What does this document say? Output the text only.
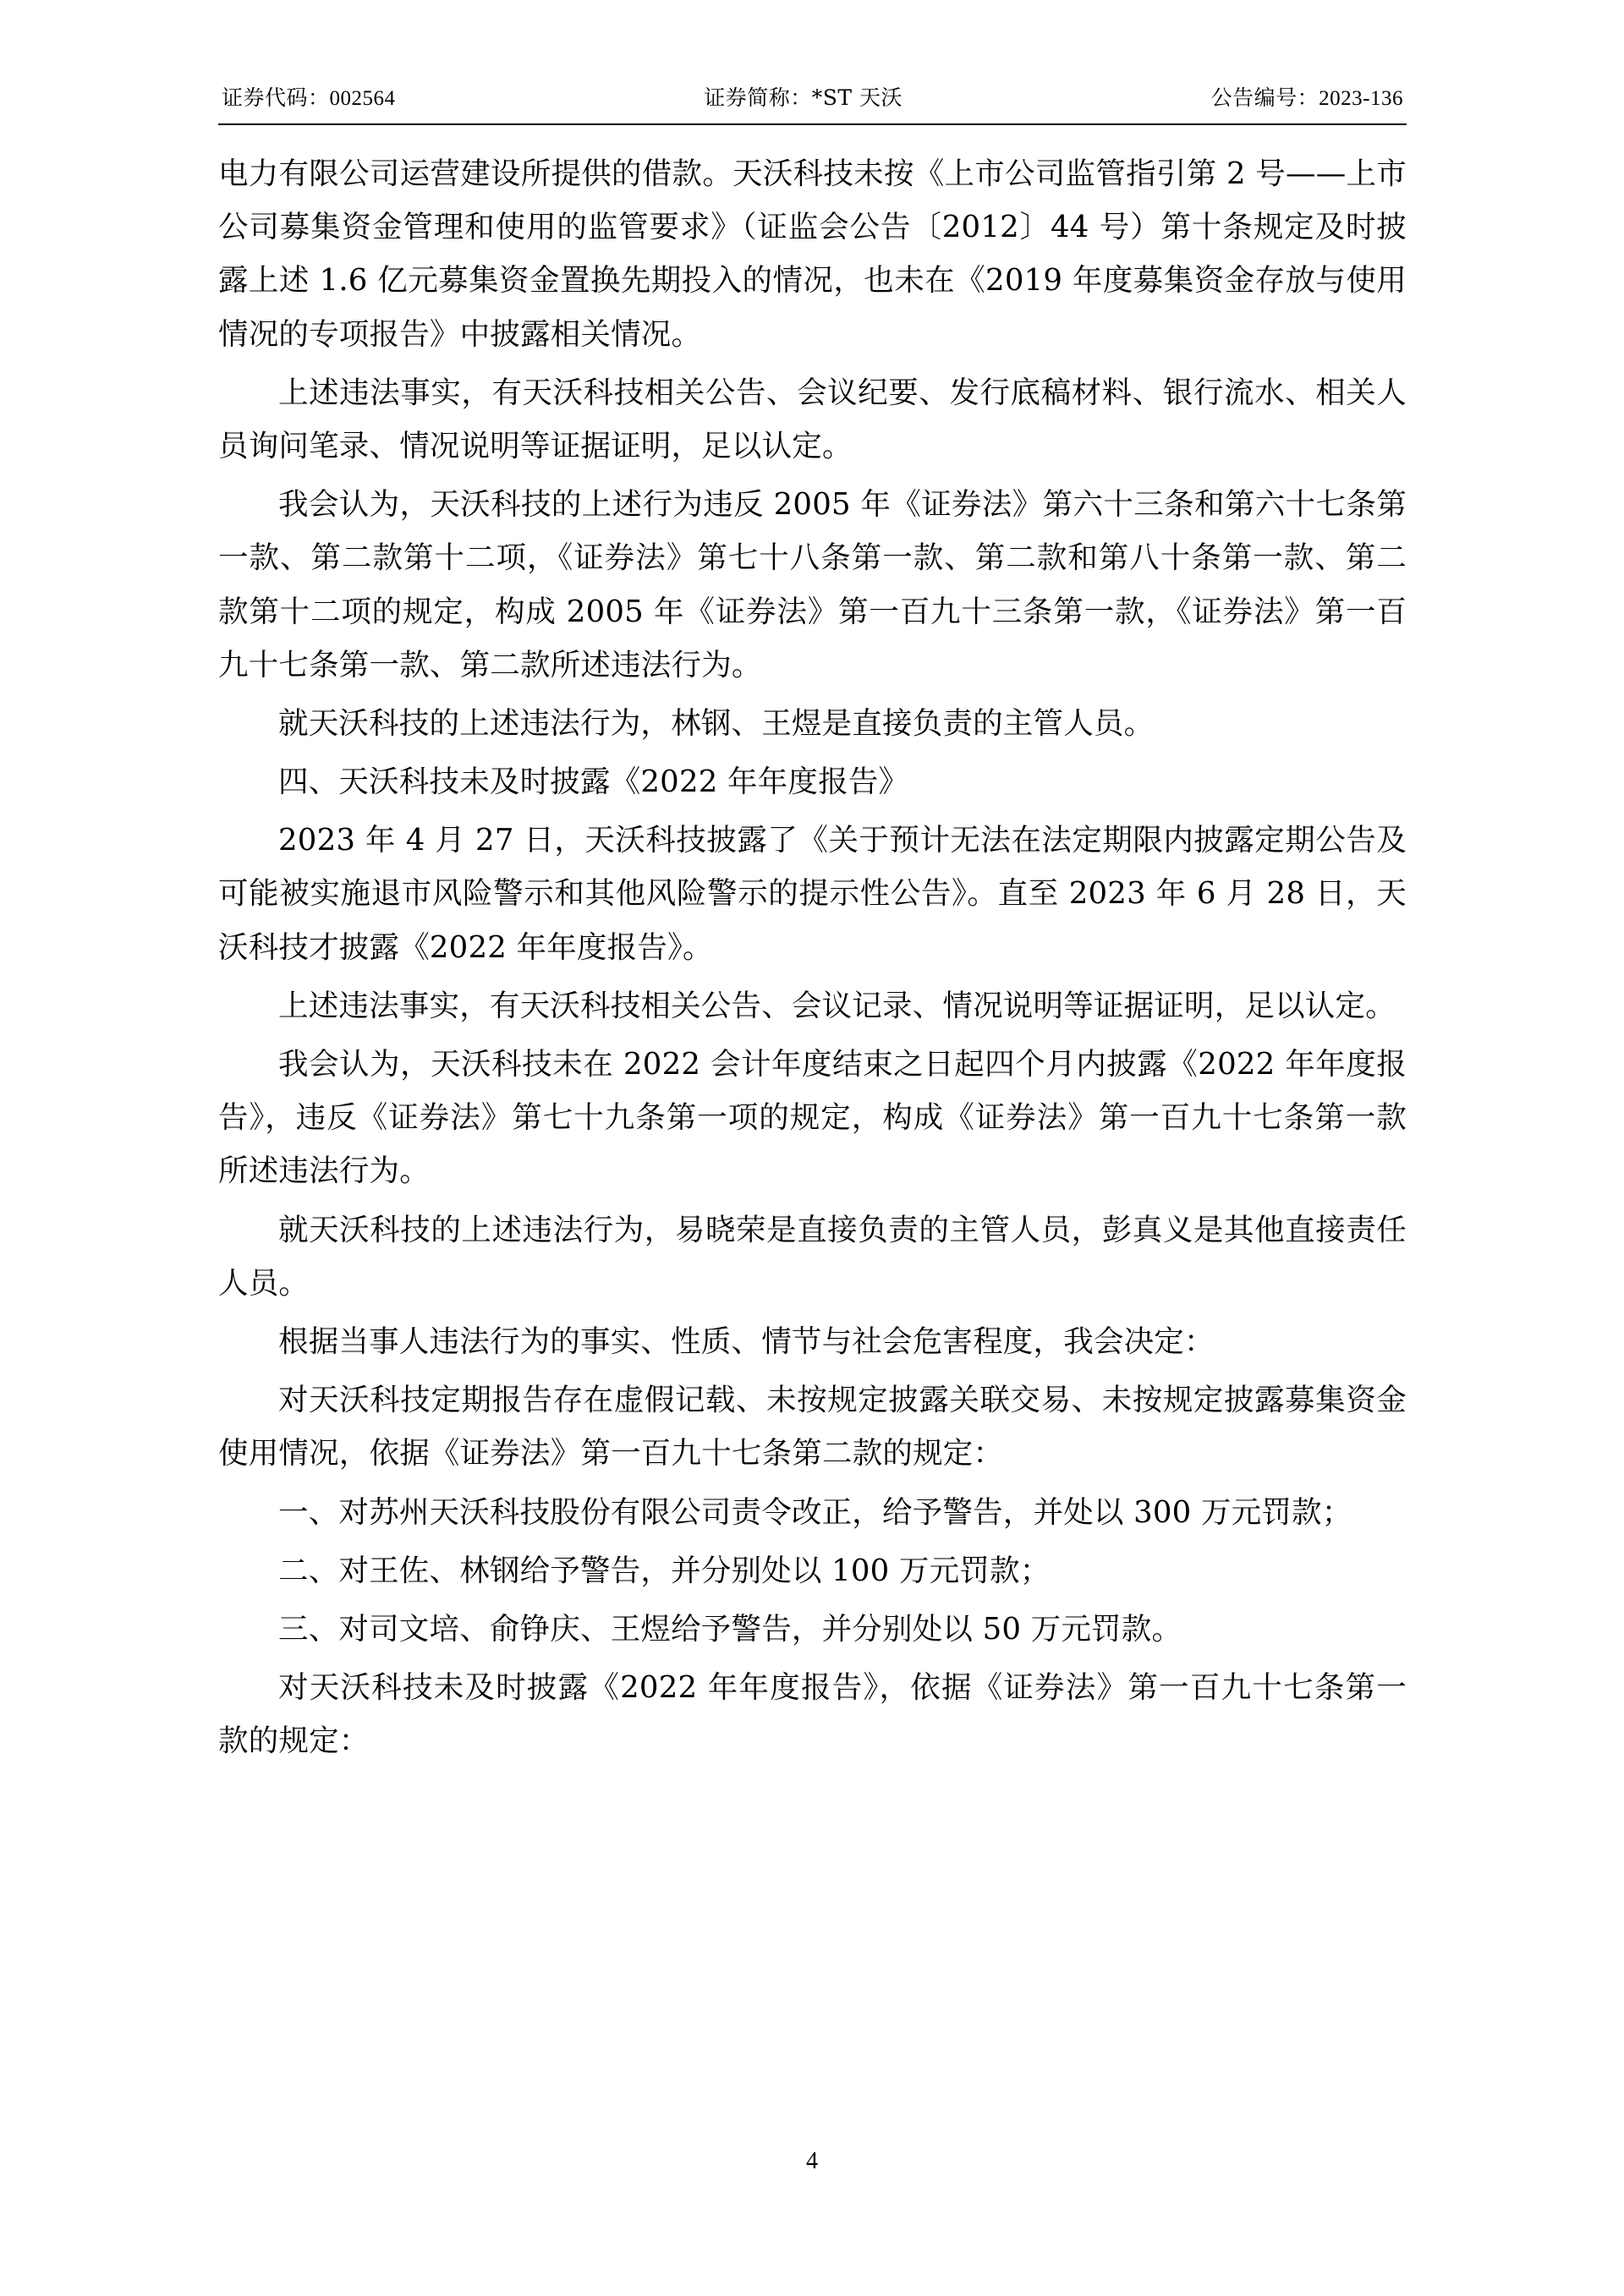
证券代码：002564	证券简称：*ST 天沃	公告编号：2023-136

电力有限公司运营建设所提供的借款。天沃科技未按《上市公司监管指引第 2 号——上市公司募集资金管理和使用的监管要求》（证监会公告〔2012〕44 号）第十条规定及时披露上述 1.6 亿元募集资金置换先期投入的情况，也未在《2019 年度募集资金存放与使用情况的专项报告》中披露相关情况。

上述违法事实，有天沃科技相关公告、会议纪要、发行底稿材料、银行流水、相关人员询问笔录、情况说明等证据证明，足以认定。

我会认为，天沃科技的上述行为违反 2005 年《证券法》第六十三条和第六十七条第一款、第二款第十二项，《证券法》第七十八条第一款、第二款和第八十条第一款、第二款第十二项的规定，构成 2005 年《证券法》第一百九十三条第一款，《证券法》第一百九十七条第一款、第二款所述违法行为。

就天沃科技的上述违法行为，林钢、王煜是直接负责的主管人员。

四、天沃科技未及时披露《2022 年年度报告》

2023 年 4 月 27 日，天沃科技披露了《关于预计无法在法定期限内披露定期公告及可能被实施退市风险警示和其他风险警示的提示性公告》。直至 2023 年 6 月 28 日，天沃科技才披露《2022 年年度报告》。

上述违法事实，有天沃科技相关公告、会议记录、情况说明等证据证明，足以认定。

我会认为，天沃科技未在 2022 会计年度结束之日起四个月内披露《2022 年年度报告》，违反《证券法》第七十九条第一项的规定，构成《证券法》第一百九十七条第一款所述违法行为。

就天沃科技的上述违法行为，易晓荣是直接负责的主管人员，彭真义是其他直接责任人员。

根据当事人违法行为的事实、性质、情节与社会危害程度，我会决定：

对天沃科技定期报告存在虚假记载、未按规定披露关联交易、未按规定披露募集资金使用情况，依据《证券法》第一百九十七条第二款的规定：

一、对苏州天沃科技股份有限公司责令改正，给予警告，并处以 300 万元罚款；

二、对王佐、林钢给予警告，并分别处以 100 万元罚款；

三、对司文培、俞铮庆、王煜给予警告，并分别处以 50 万元罚款。

对天沃科技未及时披露《2022 年年度报告》，依据《证券法》第一百九十七条第一款的规定：

4
